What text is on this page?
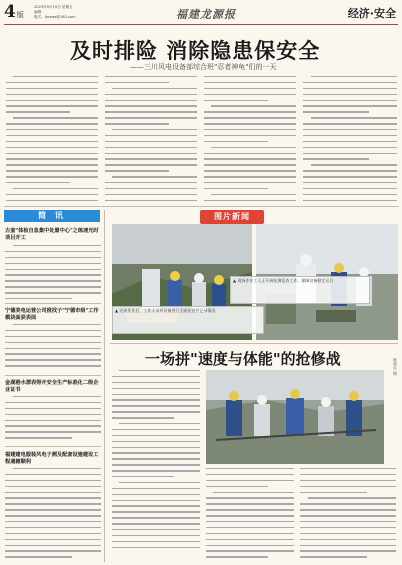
4版
2023年9月15日 星期五
编辑：
版式：fjnews@163.com	福建龙源报	经济·安全
及时排险 消除隐患保安全
——三川风电设备部综合班"忍者神龟"们的一天
简 讯
古蛮"体检自急集中处置中心"之练速光时项目开工
宁德美电运营公司推找子"宁德市级"工作模块面获表面
金湖港水漂表得开安全生产标准化二级企业证书
福建建电服装风电子测及配套设施建设工程通辅顺利
图片新闻
▲ 现场作业工人正开展检测巡查工作，保障设备稳定运行
▲ 完成作业后，工作人员对设备进行全面检查并记录情况
一场拼"速度与体能"的抢修战	陈观生 摄
